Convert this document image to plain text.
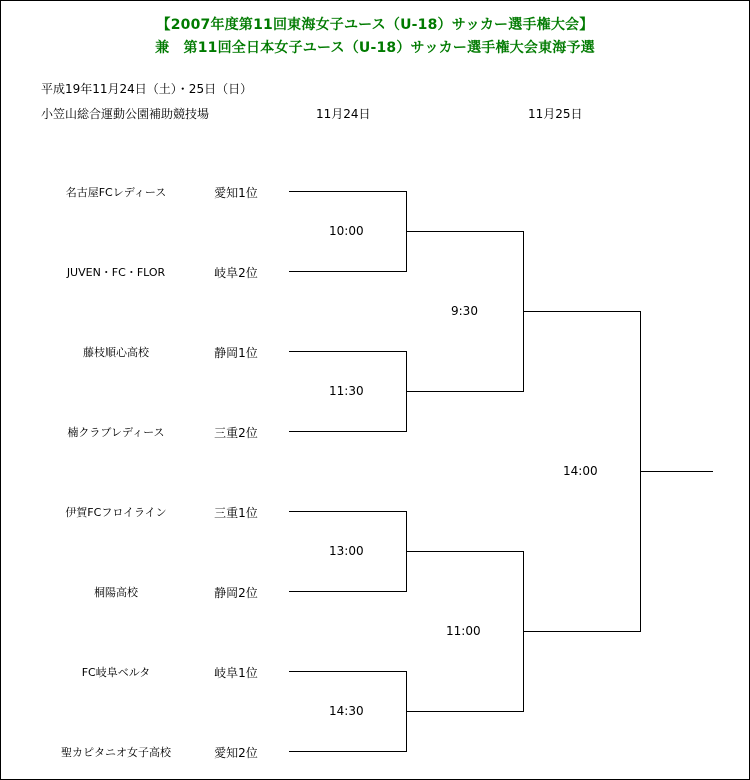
【2007年度第11回東海女子ユース（U-18）サッカー選手権大会】
兼　第11回全日本女子ユース（U-18）サッカー選手権大会東海予選
平成19年11月24日（土）・25日（日）
小笠山総合運動公園補助競技場	11月24日	11月25日
名古屋FCレディース	愛知1位
JUVEN・FC・FLOR	岐阜2位
藤枝順心高校	静岡1位
楠クラブレディース	三重2位
伊賀FCフロイライン	三重1位
桐陽高校	静岡2位
FC岐阜ベルタ	岐阜1位
聖カピタニオ女子高校	愛知2位
10:00
11:30
13:00
14:30
9:30
11:00
14:00
